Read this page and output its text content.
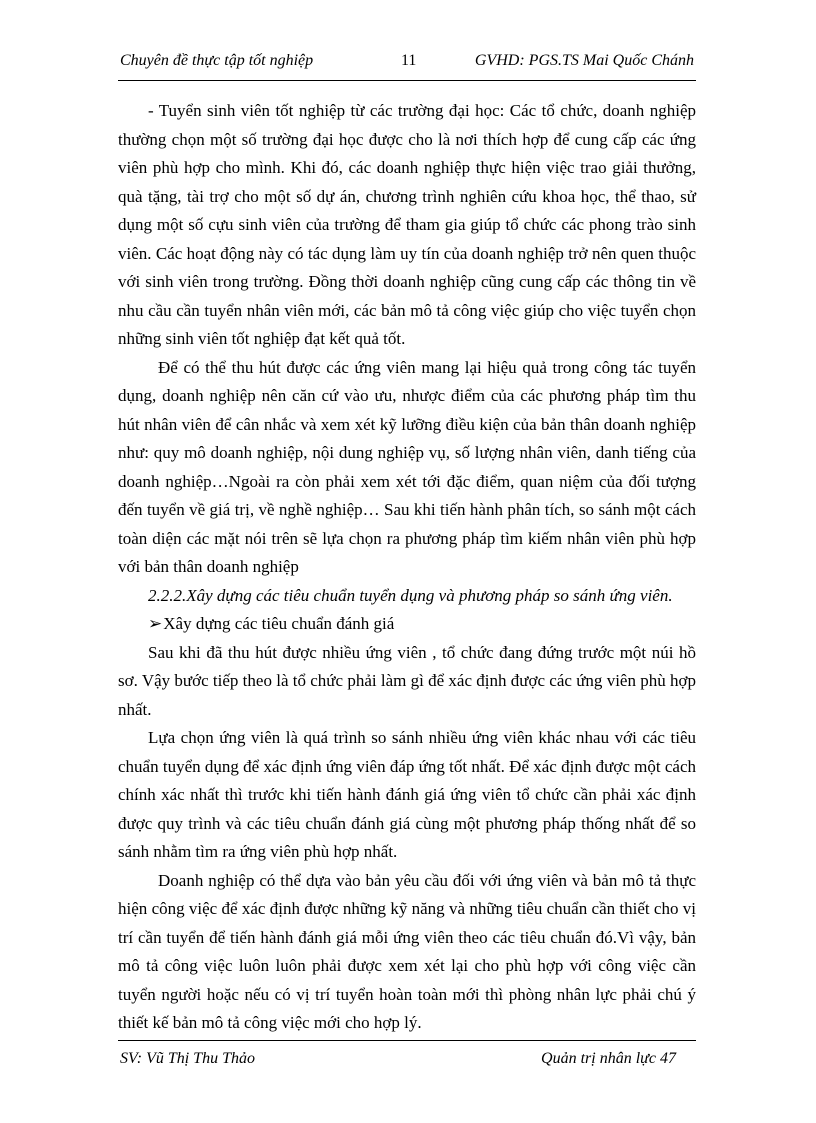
Chuyên đề thực tập tốt nghiệp	11	GVHD: PGS.TS Mai Quốc Chánh

- Tuyển sinh viên tốt nghiệp từ các trường đại học: Các tổ chức, doanh nghiệp thường chọn một số trường đại học được cho là nơi thích hợp để cung cấp các ứng viên phù hợp cho mình. Khi đó, các doanh nghiệp thực hiện việc trao giải thưởng, quà tặng, tài trợ cho một số dự án, chương trình nghiên cứu khoa học, thể thao, sử dụng một số cựu sinh viên của trường để tham gia giúp tổ chức các phong trào sinh viên. Các hoạt động này có tác dụng làm uy tín của doanh nghiệp trở nên quen thuộc với sinh viên trong trường. Đồng thời doanh nghiệp cũng cung cấp các thông tin về nhu cầu cần tuyển nhân viên mới, các bản mô tả công việc giúp cho việc tuyển chọn những sinh viên tốt nghiệp đạt kết quả tốt.

Để có thể thu hút được các ứng viên mang lại hiệu quả trong công tác tuyển dụng, doanh nghiệp nên căn cứ vào ưu, nhược điểm của các phương pháp tìm thu hút nhân viên để cân nhắc và xem xét kỹ lưỡng điều kiện của bản thân doanh nghiệp như: quy mô doanh nghiệp, nội dung nghiệp vụ, số lượng nhân viên, danh tiếng của doanh nghiệp…Ngoài ra còn phải xem xét tới đặc điểm, quan niệm của đối tượng đến tuyển về giá trị, về nghề nghiệp… Sau khi tiến hành phân tích, so sánh một cách toàn diện các mặt nói trên sẽ lựa chọn ra phương pháp tìm kiếm nhân viên phù hợp với bản thân doanh nghiệp

2.2.2.Xây dựng các tiêu chuẩn tuyển dụng và phương pháp so sánh ứng viên.

➢Xây dựng các tiêu chuẩn đánh giá

Sau khi đã thu hút được nhiều ứng viên , tổ chức đang đứng trước một núi hồ sơ. Vậy bước tiếp theo là tổ chức phải làm gì để xác định được các ứng viên phù hợp nhất.

Lựa chọn ứng viên là quá trình so sánh nhiều ứng viên khác nhau với các tiêu chuẩn tuyển dụng để xác định ứng viên đáp ứng tốt nhất. Để xác định được một cách chính xác nhất thì trước khi tiến hành đánh giá ứng viên tổ chức cần phải xác định được quy trình và các tiêu chuẩn đánh giá cùng một phương pháp thống nhất để so sánh nhằm tìm ra ứng viên phù hợp nhất.

Doanh nghiệp có thể dựa vào bản yêu cầu đối với ứng viên và bản mô tả thực hiện công việc để xác định được những kỹ năng và những tiêu chuẩn cần thiết cho vị trí cần tuyển để tiến hành đánh giá mỗi ứng viên theo các tiêu chuẩn đó.Vì vậy, bản mô tả công việc luôn luôn phải được xem xét lại cho phù hợp với công việc cần tuyển người hoặc nếu có vị trí tuyển hoàn toàn mới thì phòng nhân lực phải chú ý thiết kế bản mô tả công việc mới cho hợp lý.

SV: Vũ Thị Thu Thảo	Quản trị nhân lực 47
